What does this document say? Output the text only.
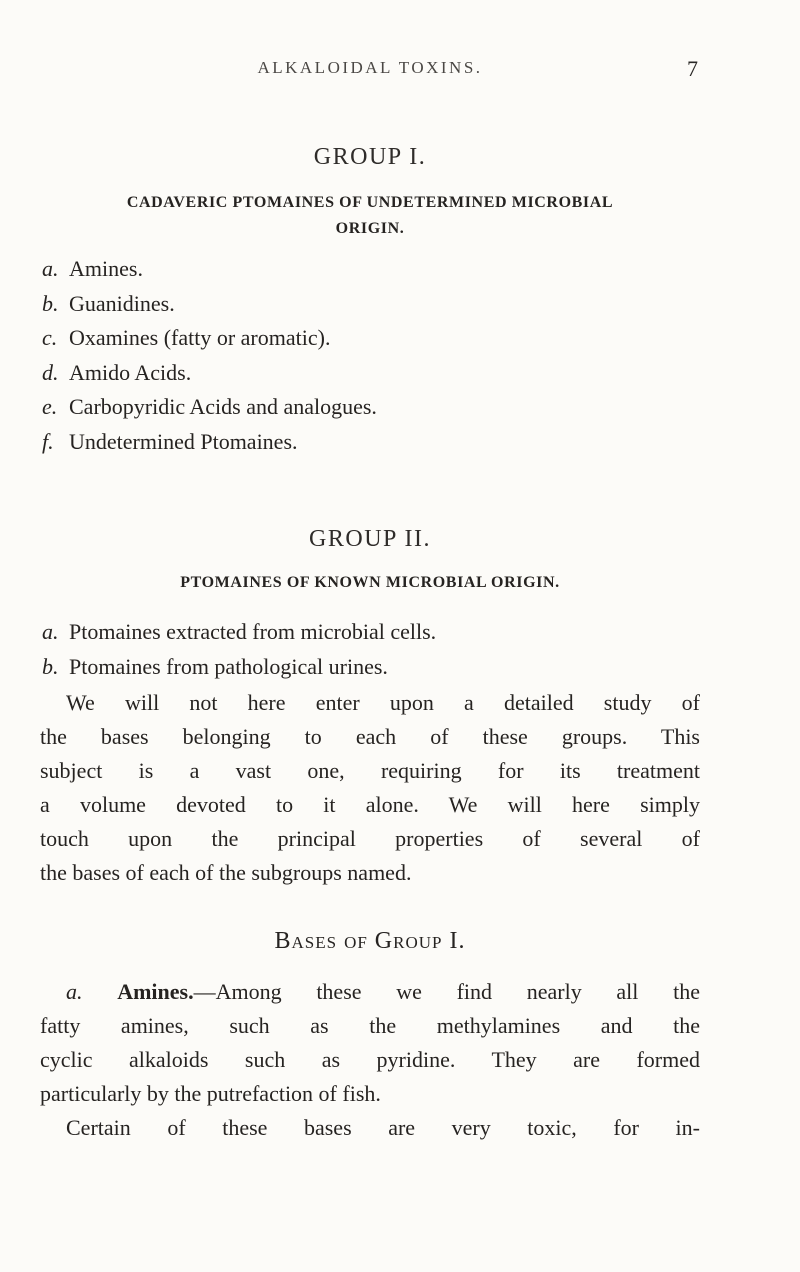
ALKALOIDAL TOXINS.	7
GROUP I.
CADAVERIC PTOMAINES OF UNDETERMINED MICROBIAL
ORIGIN.
a. Amines.
b. Guanidines.
c. Oxamines (fatty or aromatic).
d. Amido Acids.
e. Carbopyridic Acids and analogues.
f. Undetermined Ptomaines.
GROUP II.
PTOMAINES OF KNOWN MICROBIAL ORIGIN.
a. Ptomaines extracted from microbial cells.
b. Ptomaines from pathological urines.
We will not here enter upon a detailed study of
the bases belonging to each of these groups. This
subject is a vast one, requiring for its treatment
a volume devoted to it alone. We will here simply
touch upon the principal properties of several of
the bases of each of the subgroups named.
Bases of Group I.
a. Amines.—Among these we find nearly all the
fatty amines, such as the methylamines and the
cyclic alkaloids such as pyridine. They are formed
particularly by the putrefaction of fish.
Certain of these bases are very toxic, for in-
